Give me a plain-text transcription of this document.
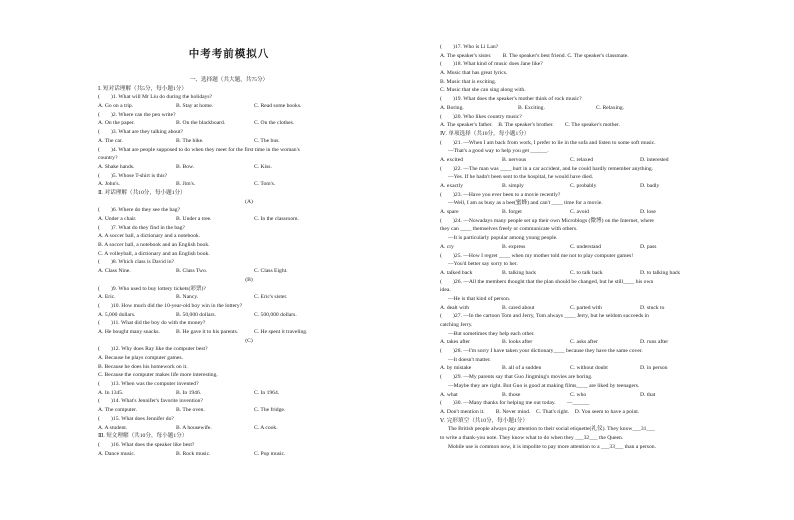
中考考前模拟八
一、选择题（共大题，共75分）
Ⅰ. 短对话理解（共5分，每小题1分）
(　　)1. What will Mr Liu do during the holidays?
A. Go on a trip.	B. Stay at home.	C. Read some books.
(　　)2. Where can the pen write?
A. On the paper.	B. On the blackboard.	C. On the clothes.
(　　)3. What are they talking about?
A. The car.	B. The bike.	C. The bus.
(　　)4. What are people supposed to do when they meet for the first time in the woman's
country?
A. Shake hands.	B. Bow.	C. Kiss.
(　　)5. Whose T-shirt is this?
A. John's.	B. Jim's.	C. Tom's.
Ⅱ. 对话理解（共10分，每小题1分）
(A)
(　　)6. Where do they see the bag?
A. Under a chair.	B. Under a tree.	C. In the classroom.
(　　)7. What do they find in the bag?
A. A soccer ball, a dictionary and a notebook.
B. A soccer ball, a notebook and an English book.
C. A volleyball, a dictionary and an English book.
(　　)8. Which class is David in?
A. Class Nine.	B. Class Two.	C. Class Eight.
(B)
(　　)9. Who used to buy lottery tickets(彩票)?
A. Eric.	B. Nancy.	C. Eric's sister.
(　　)10. How much did the 10-year-old boy win in the lottery?
A. 5,000 dollars.	B. 50,000 dollars.	C. 500,000 dollars.
(　　)11. What did the boy do with the money?
A. He bought many snacks.	B. He gave it to his parents.	C. He spent it traveling.
(C)
(　　)12. Why does Ray like the computer best?
A. Because he plays computer games.
B. Because he does his homework on it.
C. Because the computer makes life more interesting.
(　　)13. When was the computer invented?
A. In 1345.	B. In 1946.	C. In 1964.
(　　)14. What's Jennifer's favorite invention?
A. The computer.	B. The oven.	C. The fridge.
(　　)15. What does Jennifer do?
A. A student.	B. A housewife.	C. A cook.
Ⅲ. 短文理解（共10分，每小题1分）
(　　)16. What does the speaker like best?
A. Dance music.	B. Rock music.	C. Pop music.
(　　)17. Who is Li Lan?
A. The speaker's sister.　　B. The speaker's best friend. C. The speaker's classmate.
(　　)18. What kind of music does Jane like?
A. Music that has great lyrics.
B. Music that is exciting.
C. Music that she can sing along with.
(　　)19. What does the speaker's mother think of rock music?
A. Boring.	B. Exciting.	C. Relaxing.
(　　)20. Who likes country music?
A. The speaker's father.　B. The speaker's brother.　　C. The speaker's mother.
Ⅳ. 单项选择（共10分，每小题1分）
(　　)21. —When I am back from work, I prefer to lie in the sofa and listen to some soft music.
—That's a good way to help you get ______.
A. excited	B. nervous	C. relaxed	D. interested
(　　)22. —The man was ____ hurt in a car accident, and he could hardly remember anything.
—Yes. If he hadn't been sent to the hospital, he would have died.
A. exactly	B. simply	C. probably	D. badly
(　　)23. —Have you ever been to a movie recently?
—Well, I am as busy as a bee(蜜蜂) and can't ____ time for a movie.
A. spare	B. forget	C. avoid	D. lose
(　　)24. —Nowadays many people set up their own Microblogs (微博) on the Internet, where
they can ____ themselves freely or communicate with others.
—It is particularly popular among young people.
A. cry	B. express	C. understand	D. pass
(　　)25. —How I regret ____ when my mother told me not to play computer games!
—You'd better say sorry to her.
A. talked back	B. talking back	C. to talk back	D. to talking back
(　　)26. —All the members thought that the plan should be changed, but he still____ his own
idea.
—He is that kind of person.
A. dealt with	B. cared about	C. parted with	D. stuck to
(　　)27. —In the cartoon Tom and Jerry, Tom always ____ Jerry, but he seldom succeeds in
catching Jerry.
—But sometimes they help each other.
A. takes after	B. looks after	C. asks after	D. runs after
(　　)28. —I'm sorry I have taken your dictionary____ because they have the same cover.
—It doesn't matter.
A. by mistake	B. all of a sudden	C. without doubt	D. in person
(　　)29. —My parents say that Guo Jingming's movies are boring.
—Maybe they are right. But Guo is good at making films____ are liked by teenagers.
A. what	B. those	C. who	D. that
(　　)30. —Many thanks for helping me out today.　　—______
A. Don't mention it.　　B. Never mind.　C. That's right.　D. You seem to have a point.
Ⅴ. 完形填空（共10分，每小题1分）
The British people always pay attention to their social etiquette(礼仪). They know___31___
to write a thank-you note. They know what to do when they ___32___ the Queen.
Mobile use is common now, it is impolite to pay more attention to a ___33___ than a person.
